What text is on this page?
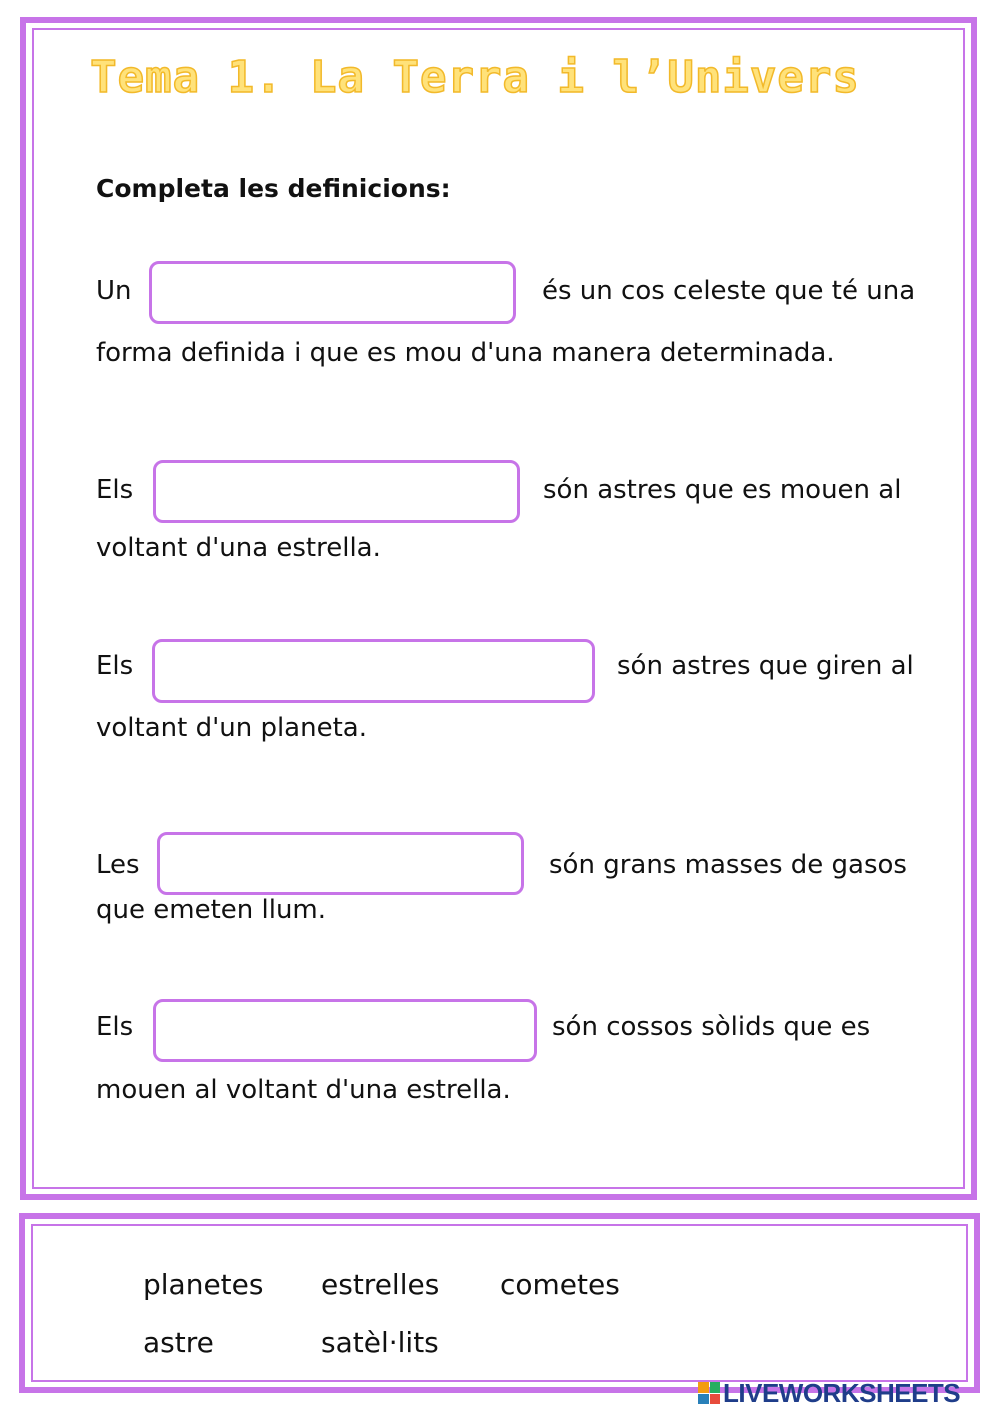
Tema 1. La Terra i l’Univers
Completa les definicions:
Un	és un cos celeste que té una
forma definida i que es mou d'una manera determinada.
Els	són astres que es mouen al
voltant d'una estrella.
Els	són astres que giren al
voltant d'un planeta.
Les	són grans masses de gasos
que emeten llum.
Els	són cossos sòlids que es
mouen al voltant d'una estrella.
planetes estrelles cometes
astre	satèl·lits
LIVEWORKSHEETS
